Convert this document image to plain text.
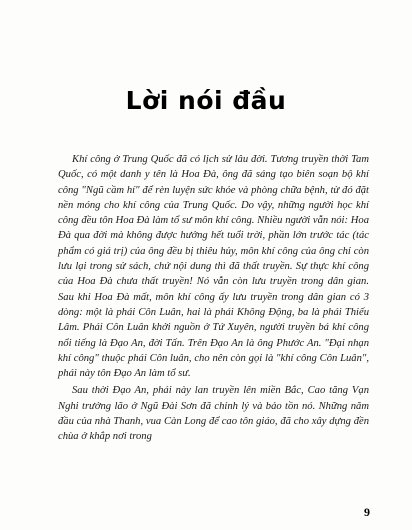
Lời nói đầu

Khí công ở Trung Quốc đã có lịch sử lâu đời. Tương truyền thời Tam Quốc, có một danh y tên là Hoa Đà, ông đã sáng tạo biên soạn bộ khí công "Ngũ cầm hí" để rèn luyện sức khỏe và phòng chữa bệnh, từ đó đặt nền móng cho khí công của Trung Quốc. Do vậy, những người học khí công đều tôn Hoa Đà làm tổ sư môn khí công. Nhiều người vẫn nói: Hoa Đà qua đời mà không được hưởng hết tuổi trời, phần lớn trước tác (tác phẩm có giá trị) của ông đều bị thiêu hủy, môn khí công của ông chỉ còn lưu lại trong sử sách, chứ nội dung thì đã thất truyền. Sự thực khí công của Hoa Đà chưa thất truyền! Nó vẫn còn lưu truyền trong dân gian. Sau khi Hoa Đà mất, môn khí công ấy lưu truyền trong dân gian có 3 dòng: một là phái Côn Luân, hai là phái Không Động, ba là phái Thiếu Lâm. Phái Côn Luân khởi nguồn ở Tứ Xuyên, người truyền bá khí công nổi tiếng là Đạo An, đời Tấn. Trên Đạo An là ông Phước An. "Đại nhạn khí công" thuộc phái Côn luân, cho nên còn gọi là "khí công Côn Luân", phái này tôn Đạo An làm tổ sư.

Sau thời Đạo An, phái này lan truyền lên miền Bắc, Cao tăng Vạn Nghi trưởng lão ở Ngũ Đài Sơn đã chỉnh lý và bảo tồn nó. Những năm đầu của nhà Thanh, vua Càn Long để cao tôn giáo, đã cho xây dựng đền chùa ở khắp nơi trong

9
